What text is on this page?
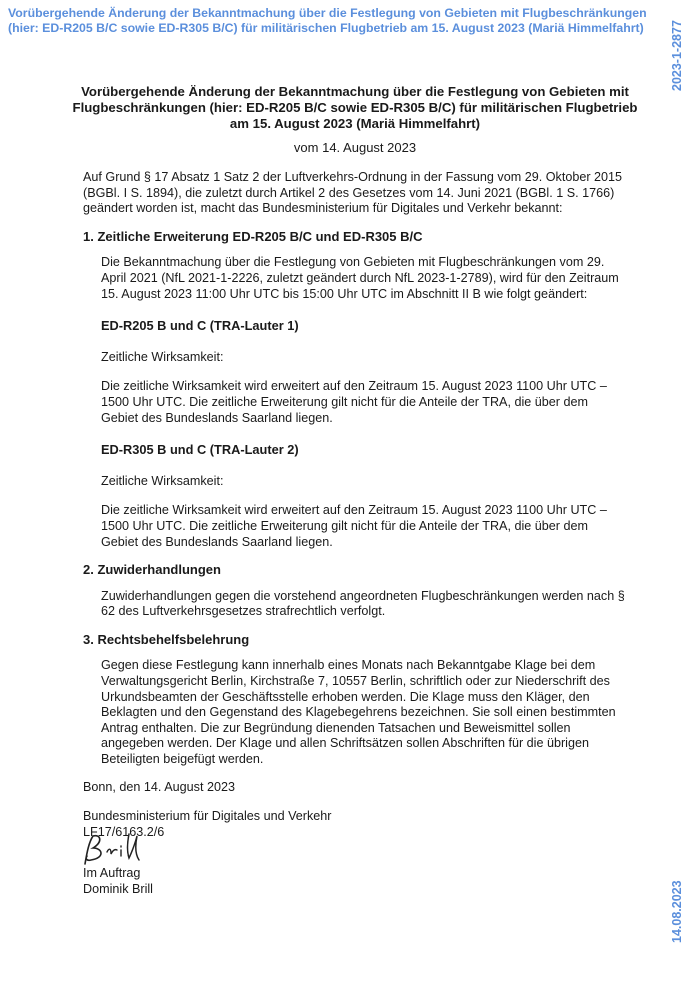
Vorübergehende Änderung der Bekanntmachung über die Festlegung von Gebieten mit Flugbeschränkungen (hier: ED-R205 B/C sowie ED-R305 B/C) für militärischen Flugbetrieb am 15. August 2023 (Mariä Himmelfahrt)	2023-1-2877
14.08.2023
Vorübergehende Änderung der Bekanntmachung über die Festlegung von Gebieten mit Flugbeschränkungen (hier: ED-R205 B/C sowie ED-R305 B/C) für militärischen Flugbetrieb am 15. August 2023 (Mariä Himmelfahrt)
vom 14. August 2023

Auf Grund § 17 Absatz 1 Satz 2 der Luftverkehrs-Ordnung in der Fassung vom 29. Oktober 2015 (BGBl. I S. 1894), die zuletzt durch Artikel 2 des Gesetzes vom 14. Juni 2021 (BGBl. 1 S. 1766) geändert worden ist, macht das Bundesministerium für Digitales und Verkehr bekannt:

1. Zeitliche Erweiterung ED-R205 B/C und ED-R305 B/C

Die Bekanntmachung über die Festlegung von Gebieten mit Flugbeschränkungen vom 29. April 2021 (NfL 2021-1-2226, zuletzt geändert durch NfL 2023-1-2789), wird für den Zeitraum 15. August 2023 11:00 Uhr UTC bis 15:00 Uhr UTC im Abschnitt II B wie folgt geändert:

ED-R205 B und C (TRA-Lauter 1)

Zeitliche Wirksamkeit:

Die zeitliche Wirksamkeit wird erweitert auf den Zeitraum 15. August 2023 1100 Uhr UTC – 1500 Uhr UTC. Die zeitliche Erweiterung gilt nicht für die Anteile der TRA, die über dem Gebiet des Bundeslands Saarland liegen.

ED-R305 B und C (TRA-Lauter 2)

Zeitliche Wirksamkeit:

Die zeitliche Wirksamkeit wird erweitert auf den Zeitraum 15. August 2023 1100 Uhr UTC – 1500 Uhr UTC. Die zeitliche Erweiterung gilt nicht für die Anteile der TRA, die über dem Gebiet des Bundeslands Saarland liegen.

2. Zuwiderhandlungen

Zuwiderhandlungen gegen die vorstehend angeordneten Flugbeschränkungen werden nach § 62 des Luftverkehrsgesetzes strafrechtlich verfolgt.

3. Rechtsbehelfsbelehrung

Gegen diese Festlegung kann innerhalb eines Monats nach Bekanntgabe Klage bei dem Verwaltungsgericht Berlin, Kirchstraße 7, 10557 Berlin, schriftlich oder zur Niederschrift des Urkundsbeamten der Geschäftsstelle erhoben werden. Die Klage muss den Kläger, den Beklagten und den Gegenstand des Klagebegehrens bezeichnen. Sie soll einen bestimmten Antrag enthalten. Die zur Begründung dienenden Tatsachen und Beweismittel sollen angegeben werden. Der Klage und allen Schriftsätzen sollen Abschriften für die übrigen Beteiligten beigefügt werden.

Bonn, den 14. August 2023

Bundesministerium für Digitales und Verkehr

LF17/6163.2/6

Im Auftrag

Dominik Brill
